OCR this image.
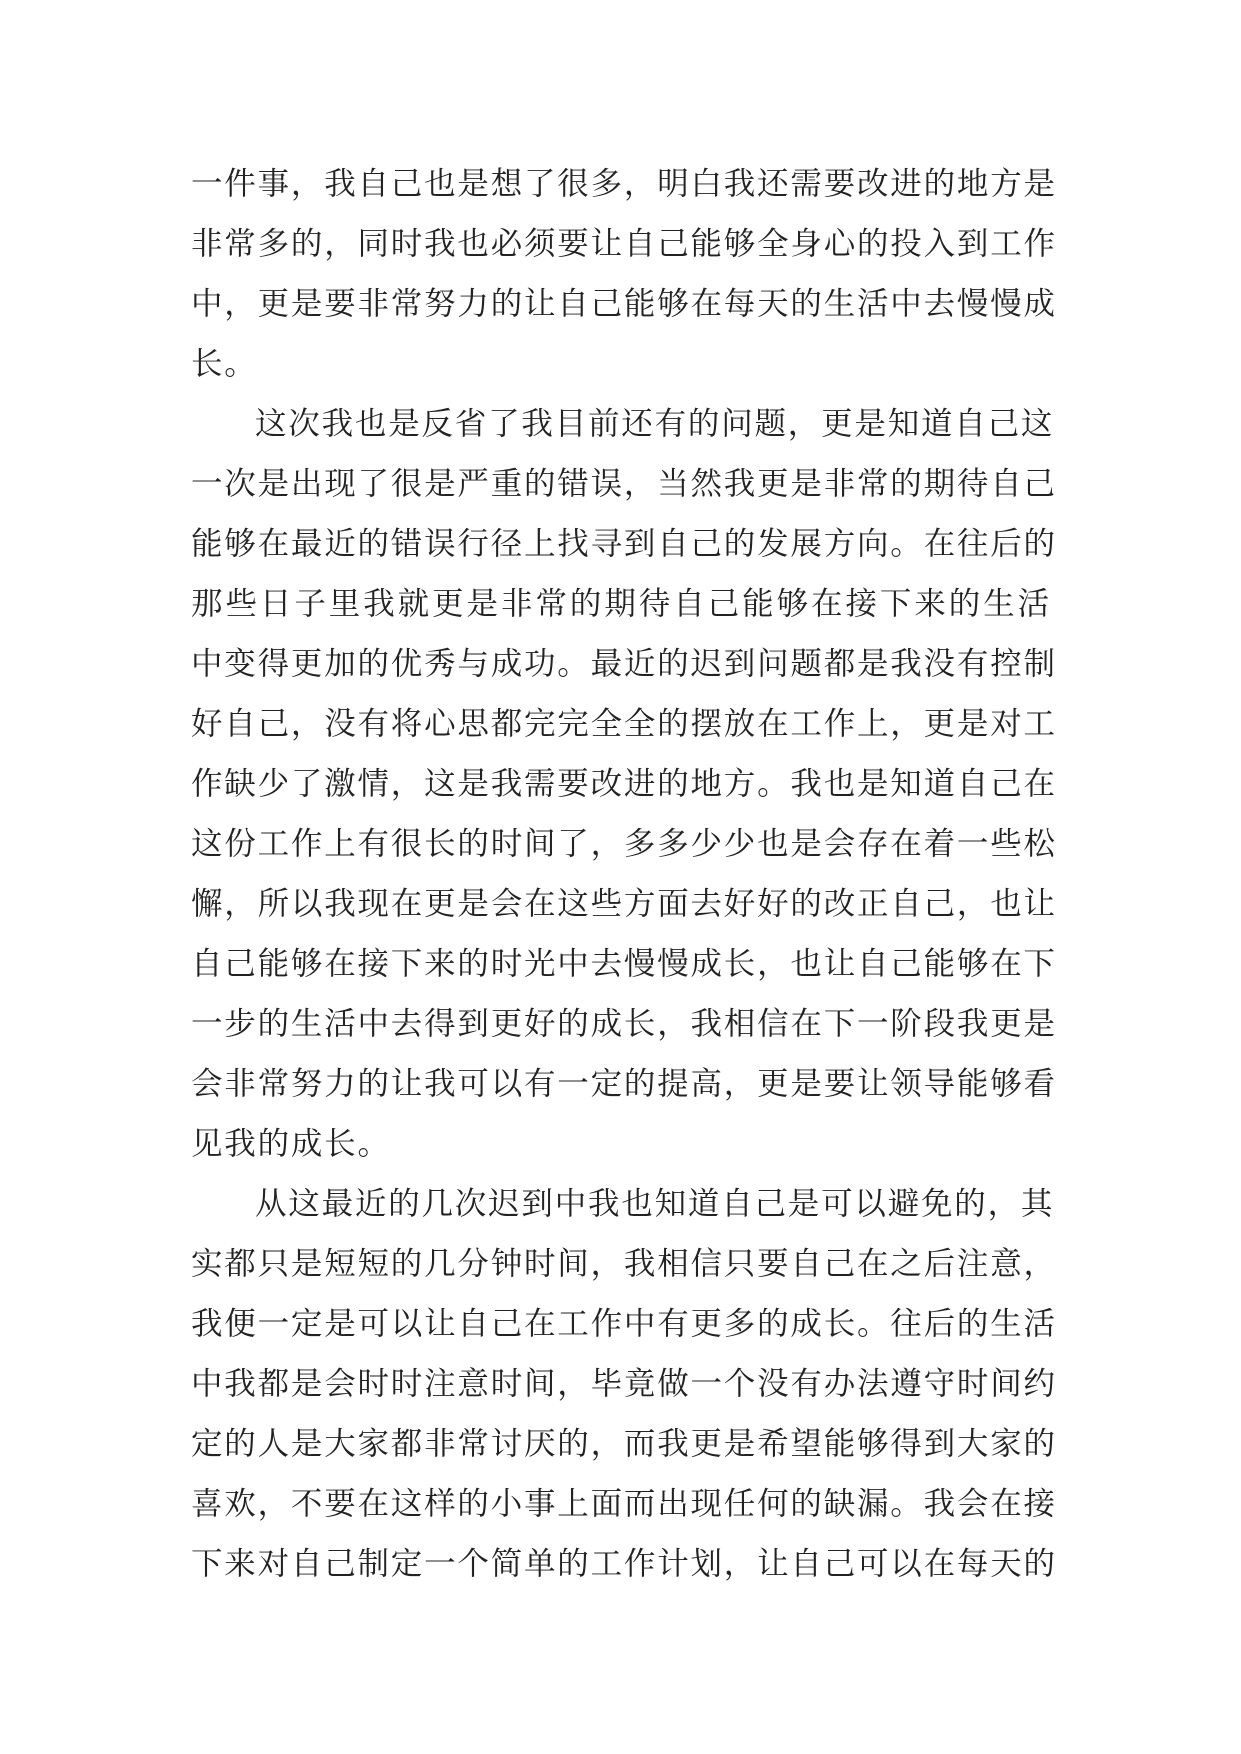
一件事，我自己也是想了很多，明白我还需要改进的地方是
非常多的，同时我也必须要让自己能够全身心的投入到工作
中，更是要非常努力的让自己能够在每天的生活中去慢慢成
长。

这次我也是反省了我目前还有的问题，更是知道自己这
一次是出现了很是严重的错误，当然我更是非常的期待自己
能够在最近的错误行径上找寻到自己的发展方向。在往后的
那些日子里我就更是非常的期待自己能够在接下来的生活
中变得更加的优秀与成功。最近的迟到问题都是我没有控制
好自己，没有将心思都完完全全的摆放在工作上，更是对工
作缺少了激情，这是我需要改进的地方。我也是知道自己在
这份工作上有很长的时间了，多多少少也是会存在着一些松
懈，所以我现在更是会在这些方面去好好的改正自己，也让
自己能够在接下来的时光中去慢慢成长，也让自己能够在下
一步的生活中去得到更好的成长，我相信在下一阶段我更是
会非常努力的让我可以有一定的提高，更是要让领导能够看
见我的成长。

从这最近的几次迟到中我也知道自己是可以避免的，其
实都只是短短的几分钟时间，我相信只要自己在之后注意，
我便一定是可以让自己在工作中有更多的成长。往后的生活
中我都是会时时注意时间，毕竟做一个没有办法遵守时间约
定的人是大家都非常讨厌的，而我更是希望能够得到大家的
喜欢，不要在这样的小事上面而出现任何的缺漏。我会在接
下来对自己制定一个简单的工作计划，让自己可以在每天的
